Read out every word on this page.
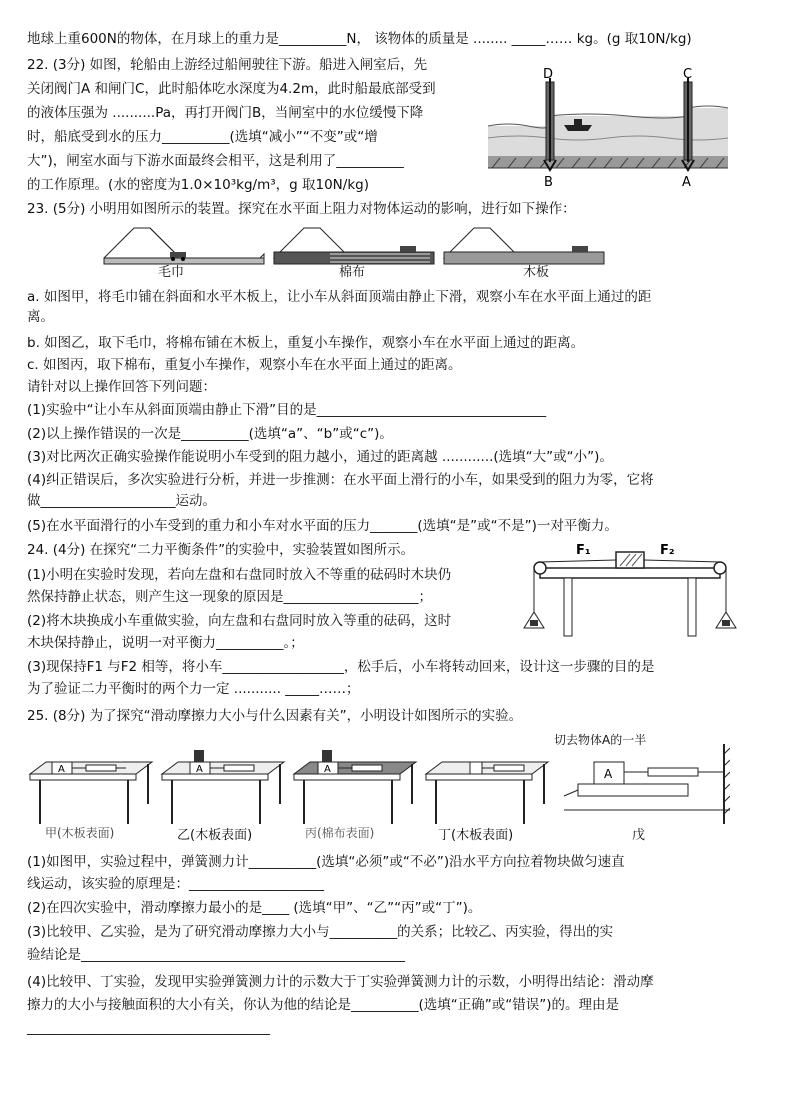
地球上重600N的物体，在月球上的重力是__________N， 该物体的质量是 ........ _____…… kg。(g 取10N/kg)
22. (3分) 如图，轮船由上游经过船闸驶往下游。船进入闸室后，先
关闭阀门A 和闸门C，此时船体吃水深度为4.2m，此时船最底部受到
的液体压强为 ..........Pa，再打开阀门B，当闸室中的水位缓慢下降
时，船底受到水的压力__________(选填“减小”“不变”或“增
大”)，闸室水面与下游水面最终会相平，这是利用了__________
的工作原理。(水的密度为1.0×10³kg/m³，g 取10N/kg)
D	C
B	A
23. (5分) 小明用如图所示的装置。探究在水平面上阻力对物体运动的影响，进行如下操作：
毛巾	棉布	木板
a. 如图甲，将毛巾铺在斜面和水平木板上，让小车从斜面顶端由静止下滑，观察小车在水平面上通过的距
离。
b. 如图乙，取下毛巾，将棉布铺在木板上，重复小车操作，观察小车在水平面上通过的距离。
c. 如图丙，取下棉布，重复小车操作，观察小车在水平面上通过的距离。
请针对以上操作回答下列问题：
(1)实验中“让小车从斜面顶端由静止下滑”目的是__________________________________
(2)以上操作错误的一次是__________(选填“a”、“b”或“c”)。
(3)对比两次正确实验操作能说明小车受到的阻力越小，通过的距离越 ............(选填“大”或“小”)。
(4)纠正错误后，多次实验进行分析，并进一步推测：在水平面上滑行的小车，如果受到的阻力为零，它将
做____________________运动。
(5)在水平面滑行的小车受到的重力和小车对水平面的压力_______(选填“是”或“不是”)一对平衡力。
24. (4分) 在探究“二力平衡条件”的实验中，实验装置如图所示。
(1)小明在实验时发现，若向左盘和右盘同时放入不等重的砝码时木块仍
然保持静止状态，则产生这一现象的原因是____________________；
(2)将木块换成小车重做实验，向左盘和右盘同时放入等重的砝码，这时
木块保持静止，说明一对平衡力__________。；
(3)现保持F1 与F2 相等，将小车__________________，松手后，小车将转动回来，设计这一步骤的目的是
为了验证二力平衡时的两个力一定 ........... _____……；
F₁	F₂
25. (8分) 为了探究“滑动摩擦力大小与什么因素有关”，小明设计如图所示的实验。
切去物体A的一半
A	A	A	A
甲(木板表面)	乙(木板表面)	丙(棉布表面)	丁(木板表面)	戊
(1)如图甲，实验过程中，弹簧测力计__________(选填“必须”或“不必”)沿水平方向拉着物块做匀速直
线运动，该实验的原理是：____________________
(2)在四次实验中，滑动摩擦力最小的是____ (选填“甲”、“乙”“丙”或“丁”)。
(3)比较甲、乙实验，是为了研究滑动摩擦力大小与__________的关系；比较乙、丙实验，得出的实
验结论是________________________________________________
(4)比较甲、丁实验，发现甲实验弹簧测力计的示数大于丁实验弹簧测力计的示数，小明得出结论：滑动摩
擦力的大小与接触面积的大小有关，你认为他的结论是__________(选填“正确”或“错误”)的。理由是
____________________________________
